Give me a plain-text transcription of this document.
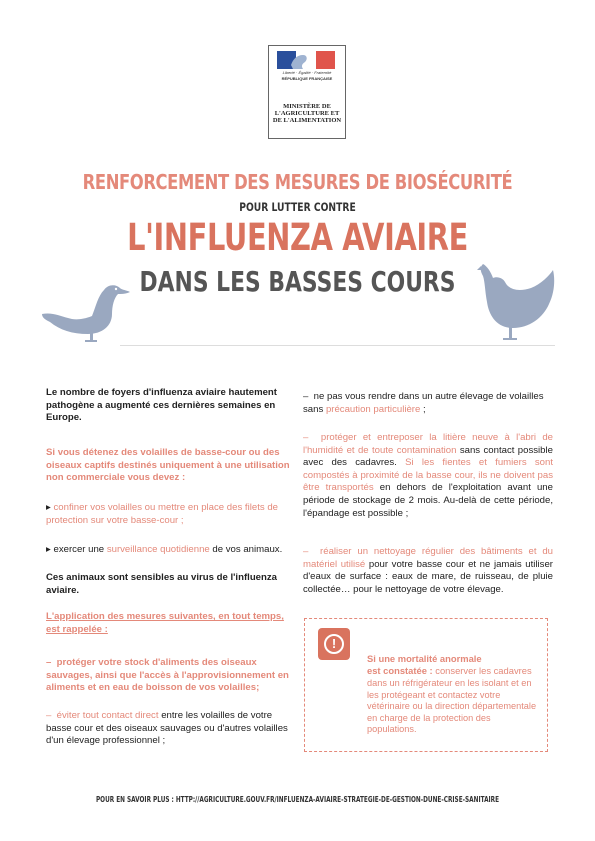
Liberté · Égalité · Fraternité
RÉPUBLIQUE FRANÇAISE
MINISTÈRE DE L'AGRICULTURE ET DE L'ALIMENTATION
RENFORCEMENT DES MESURES DE BIOSÉCURITÉ
POUR LUTTER CONTRE
L'INFLUENZA AVIAIRE
DANS LES BASSES COURS
Le nombre de foyers d'influenza aviaire hautement pathogène a augmenté ces dernières semaines en Europe.
Si vous détenez des volailles de basse-cour ou des oiseaux captifs destinés uniquement à une utilisation non commerciale vous devez :
▸ confiner vos volailles ou mettre en place des filets de protection sur votre basse-cour ;
▸ exercer une surveillance quotidienne de vos animaux.
Ces animaux sont sensibles au virus de l'influenza aviaire.
L'application des mesures suivantes, en tout temps, est rappelée :
–  protéger votre stock d'aliments des oiseaux sauvages, ainsi que l'accès à l'approvisionnement en aliments et en eau de boisson de vos volailles;
–  éviter tout contact direct entre les volailles de votre basse cour et des oiseaux sauvages ou d'autres volailles d'un élevage professionnel ;
–  ne pas vous rendre dans un autre élevage de volailles sans précaution particulière ;
–  protéger et entreposer la litière neuve à l'abri de l'humidité et de toute contamination sans contact possible avec des cadavres. Si les fientes et fumiers sont compostés à proximité de la basse cour, ils ne doivent pas être transportés en dehors de l'exploitation avant une période de stockage de 2 mois. Au-delà de cette période, l'épandage est possible ;
–  réaliser un nettoyage régulier des bâtiments et du matériel utilisé pour votre basse cour et ne jamais utiliser d'eaux de surface : eaux de mare, de ruisseau, de pluie collectée… pour le nettoyage de votre élevage.
!
Si une mortalité anormale
est constatée : conserver les cadavres
dans un réfrigérateur en les isolant et en les protégeant et contactez votre vétérinaire ou la direction départementale en charge de la protection des populations.
POUR EN SAVOIR PLUS : HTTP://AGRICULTURE.GOUV.FR/INFLUENZA-AVIAIRE-STRATEGIE-DE-GESTION-DUNE-CRISE-SANITAIRE
